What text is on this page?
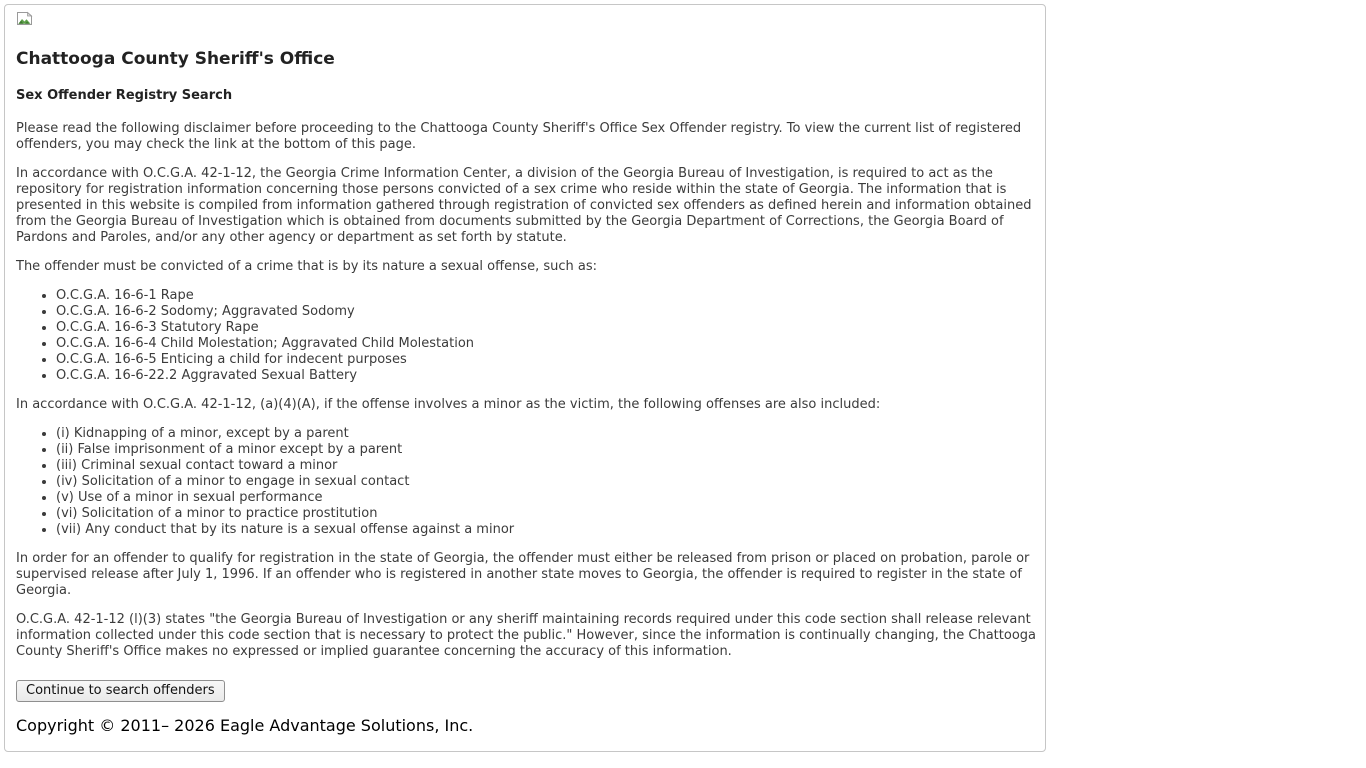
Chattooga County Sheriff's Office
Sex Offender Registry Search

Please read the following disclaimer before proceeding to the Chattooga County Sheriff's Office Sex Offender registry. To view the current list of registered offenders, you may check the link at the bottom of this page.

In accordance with O.C.G.A. 42-1-12, the Georgia Crime Information Center, a division of the Georgia Bureau of Investigation, is required to act as the repository for registration information concerning those persons convicted of a sex crime who reside within the state of Georgia. The information that is presented in this website is compiled from information gathered through registration of convicted sex offenders as defined herein and information obtained from the Georgia Bureau of Investigation which is obtained from documents submitted by the Georgia Department of Corrections, the Georgia Board of Pardons and Paroles, and/or any other agency or department as set forth by statute.

The offender must be convicted of a crime that is by its nature a sexual offense, such as:

• O.C.G.A. 16-6-1 Rape
• O.C.G.A. 16-6-2 Sodomy; Aggravated Sodomy
• O.C.G.A. 16-6-3 Statutory Rape
• O.C.G.A. 16-6-4 Child Molestation; Aggravated Child Molestation
• O.C.G.A. 16-6-5 Enticing a child for indecent purposes
• O.C.G.A. 16-6-22.2 Aggravated Sexual Battery

In accordance with O.C.G.A. 42-1-12, (a)(4)(A), if the offense involves a minor as the victim, the following offenses are also included:

• (i) Kidnapping of a minor, except by a parent
• (ii) False imprisonment of a minor except by a parent
• (iii) Criminal sexual contact toward a minor
• (iv) Solicitation of a minor to engage in sexual contact
• (v) Use of a minor in sexual performance
• (vi) Solicitation of a minor to practice prostitution
• (vii) Any conduct that by its nature is a sexual offense against a minor

In order for an offender to qualify for registration in the state of Georgia, the offender must either be released from prison or placed on probation, parole or supervised release after July 1, 1996. If an offender who is registered in another state moves to Georgia, the offender is required to register in the state of Georgia.

O.C.G.A. 42-1-12 (l)(3) states "the Georgia Bureau of Investigation or any sheriff maintaining records required under this code section shall release relevant information collected under this code section that is necessary to protect the public." However, since the information is continually changing, the Chattooga County Sheriff's Office makes no expressed or implied guarantee concerning the accuracy of this information.

Continue to search offenders

Copyright © 2011– 2026 Eagle Advantage Solutions, Inc.
